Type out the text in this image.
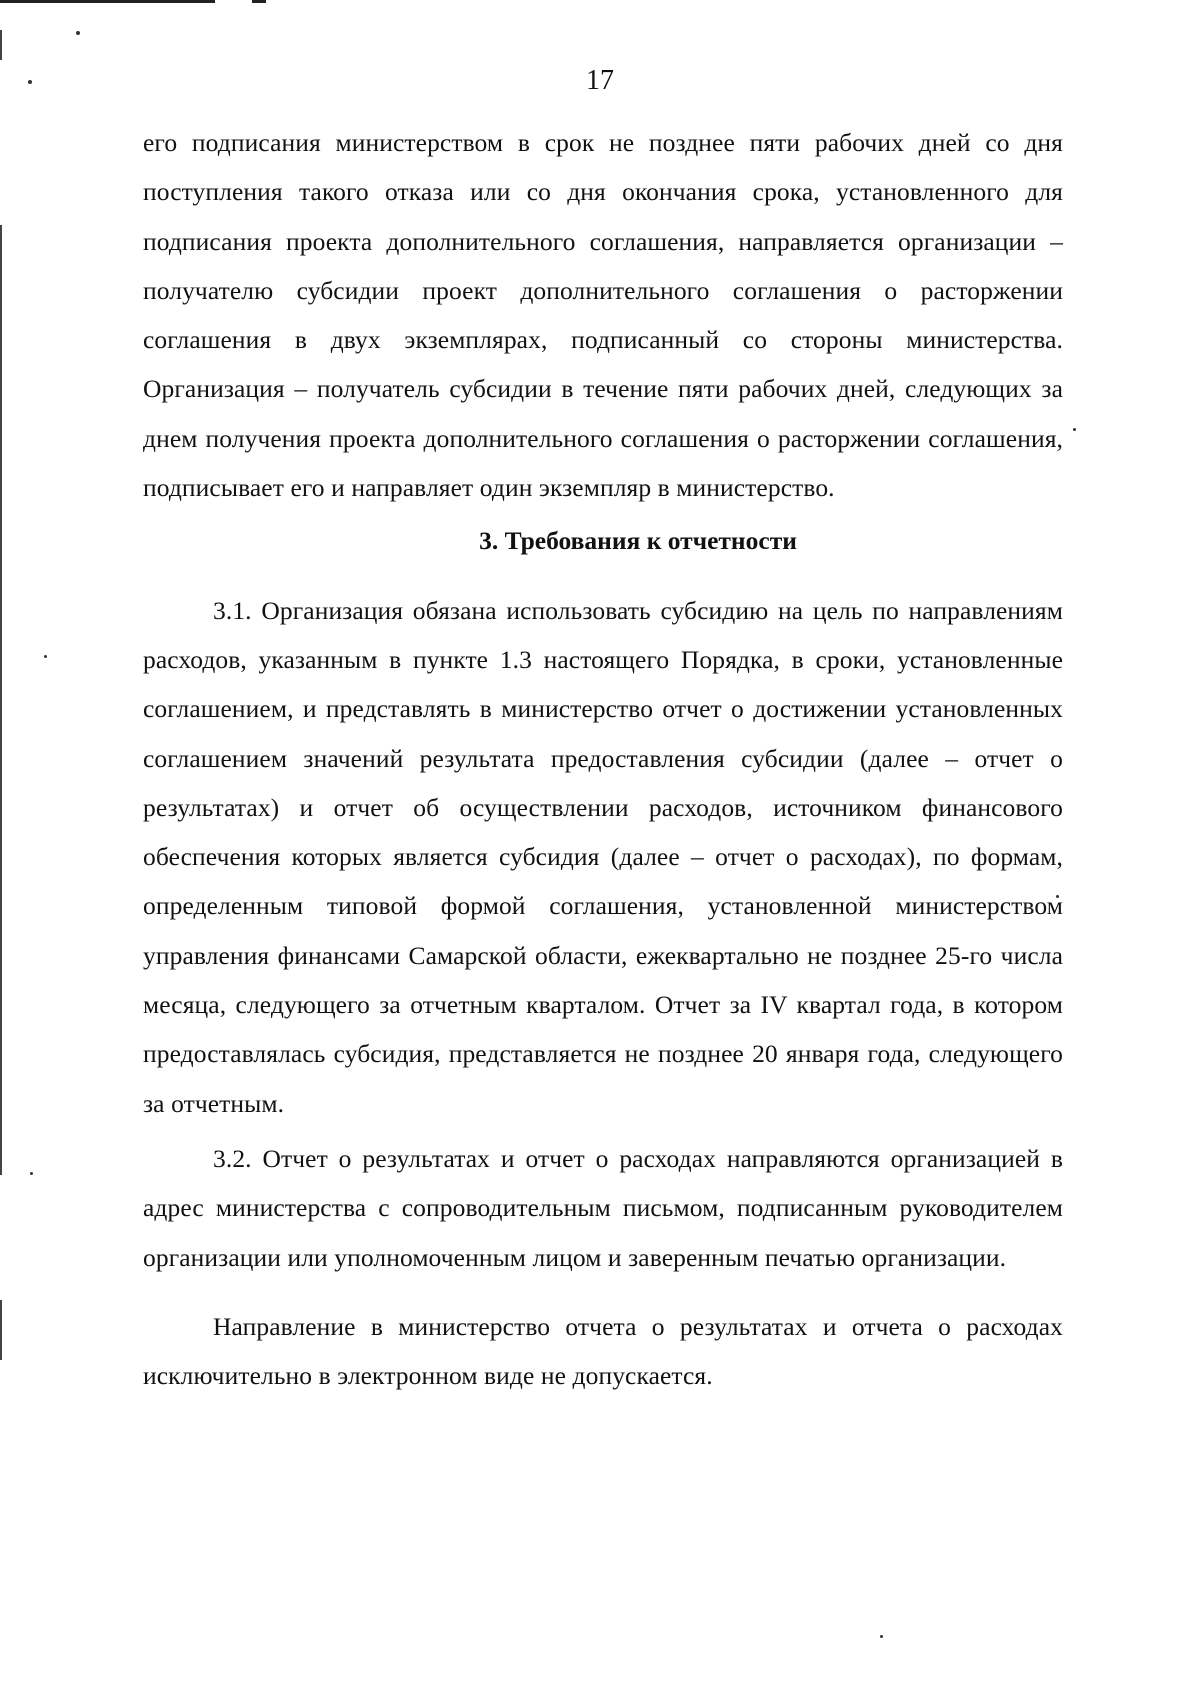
17

его подписания министерством в срок не позднее пяти рабочих дней со дня поступления такого отказа или со дня окончания срока, установленного для подписания проекта дополнительного соглашения, направляется организации – получателю субсидии проект дополнительного соглашения о расторжении соглашения в двух экземплярах, подписанный со стороны министерства. Организация – получатель субсидии в течение пяти рабочих дней, следующих за днем получения проекта дополнительного соглашения о расторжении соглашения, подписывает его и направляет один экземпляр в министерство.

3. Требования к отчетности

3.1. Организация обязана использовать субсидию на цель по направлениям расходов, указанным в пункте 1.3 настоящего Порядка, в сроки, установленные соглашением, и представлять в министерство отчет о достижении установленных соглашением значений результата предоставления субсидии (далее – отчет о результатах) и отчет об осуществлении расходов, источником финансового обеспечения которых является субсидия (далее – отчет о расходах), по формам, определенным типовой формой соглашения, установленной министерством управления финансами Самарской области, ежеквартально не позднее 25-го числа месяца, следующего за отчетным кварталом. Отчет за IV квартал года, в котором предоставлялась субсидия, представляется не позднее 20 января года, следующего за отчетным.

3.2. Отчет о результатах и отчет о расходах направляются организацией в адрес министерства с сопроводительным письмом, подписанным руководителем организации или уполномоченным лицом и заверенным печатью организации.

Направление в министерство отчета о результатах и отчета о расходах исключительно в электронном виде не допускается.
